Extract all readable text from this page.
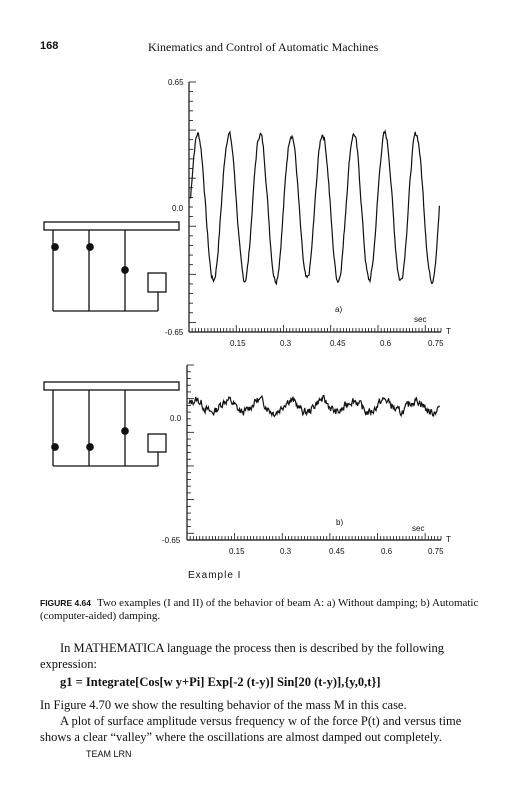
168	Kinematics and Control of Automatic Machines
0.65
0.0
-0.65
0.15	0.3	0.45	0.6	0.75
a)
sec
T
0.0
-0.65
0.15	0.3	0.45	0.6	0.75
b)
sec
T
Example I
FIGURE 4.64 Two examples (I and II) of the behavior of beam A: a) Without damping; b) Automatic (computer-aided) damping.
In MATHEMATICA language the process then is described by the following expression:
g1 = Integrate[Cos[w y+Pi] Exp[-2 (t-y)] Sin[20 (t-y)],{y,0,t}]
In Figure 4.70 we show the resulting behavior of the mass M in this case.
A plot of surface amplitude versus frequency w of the force P(t) and versus time shows a clear “valley” where the oscillations are almost damped out completely.
TEAM LRN
